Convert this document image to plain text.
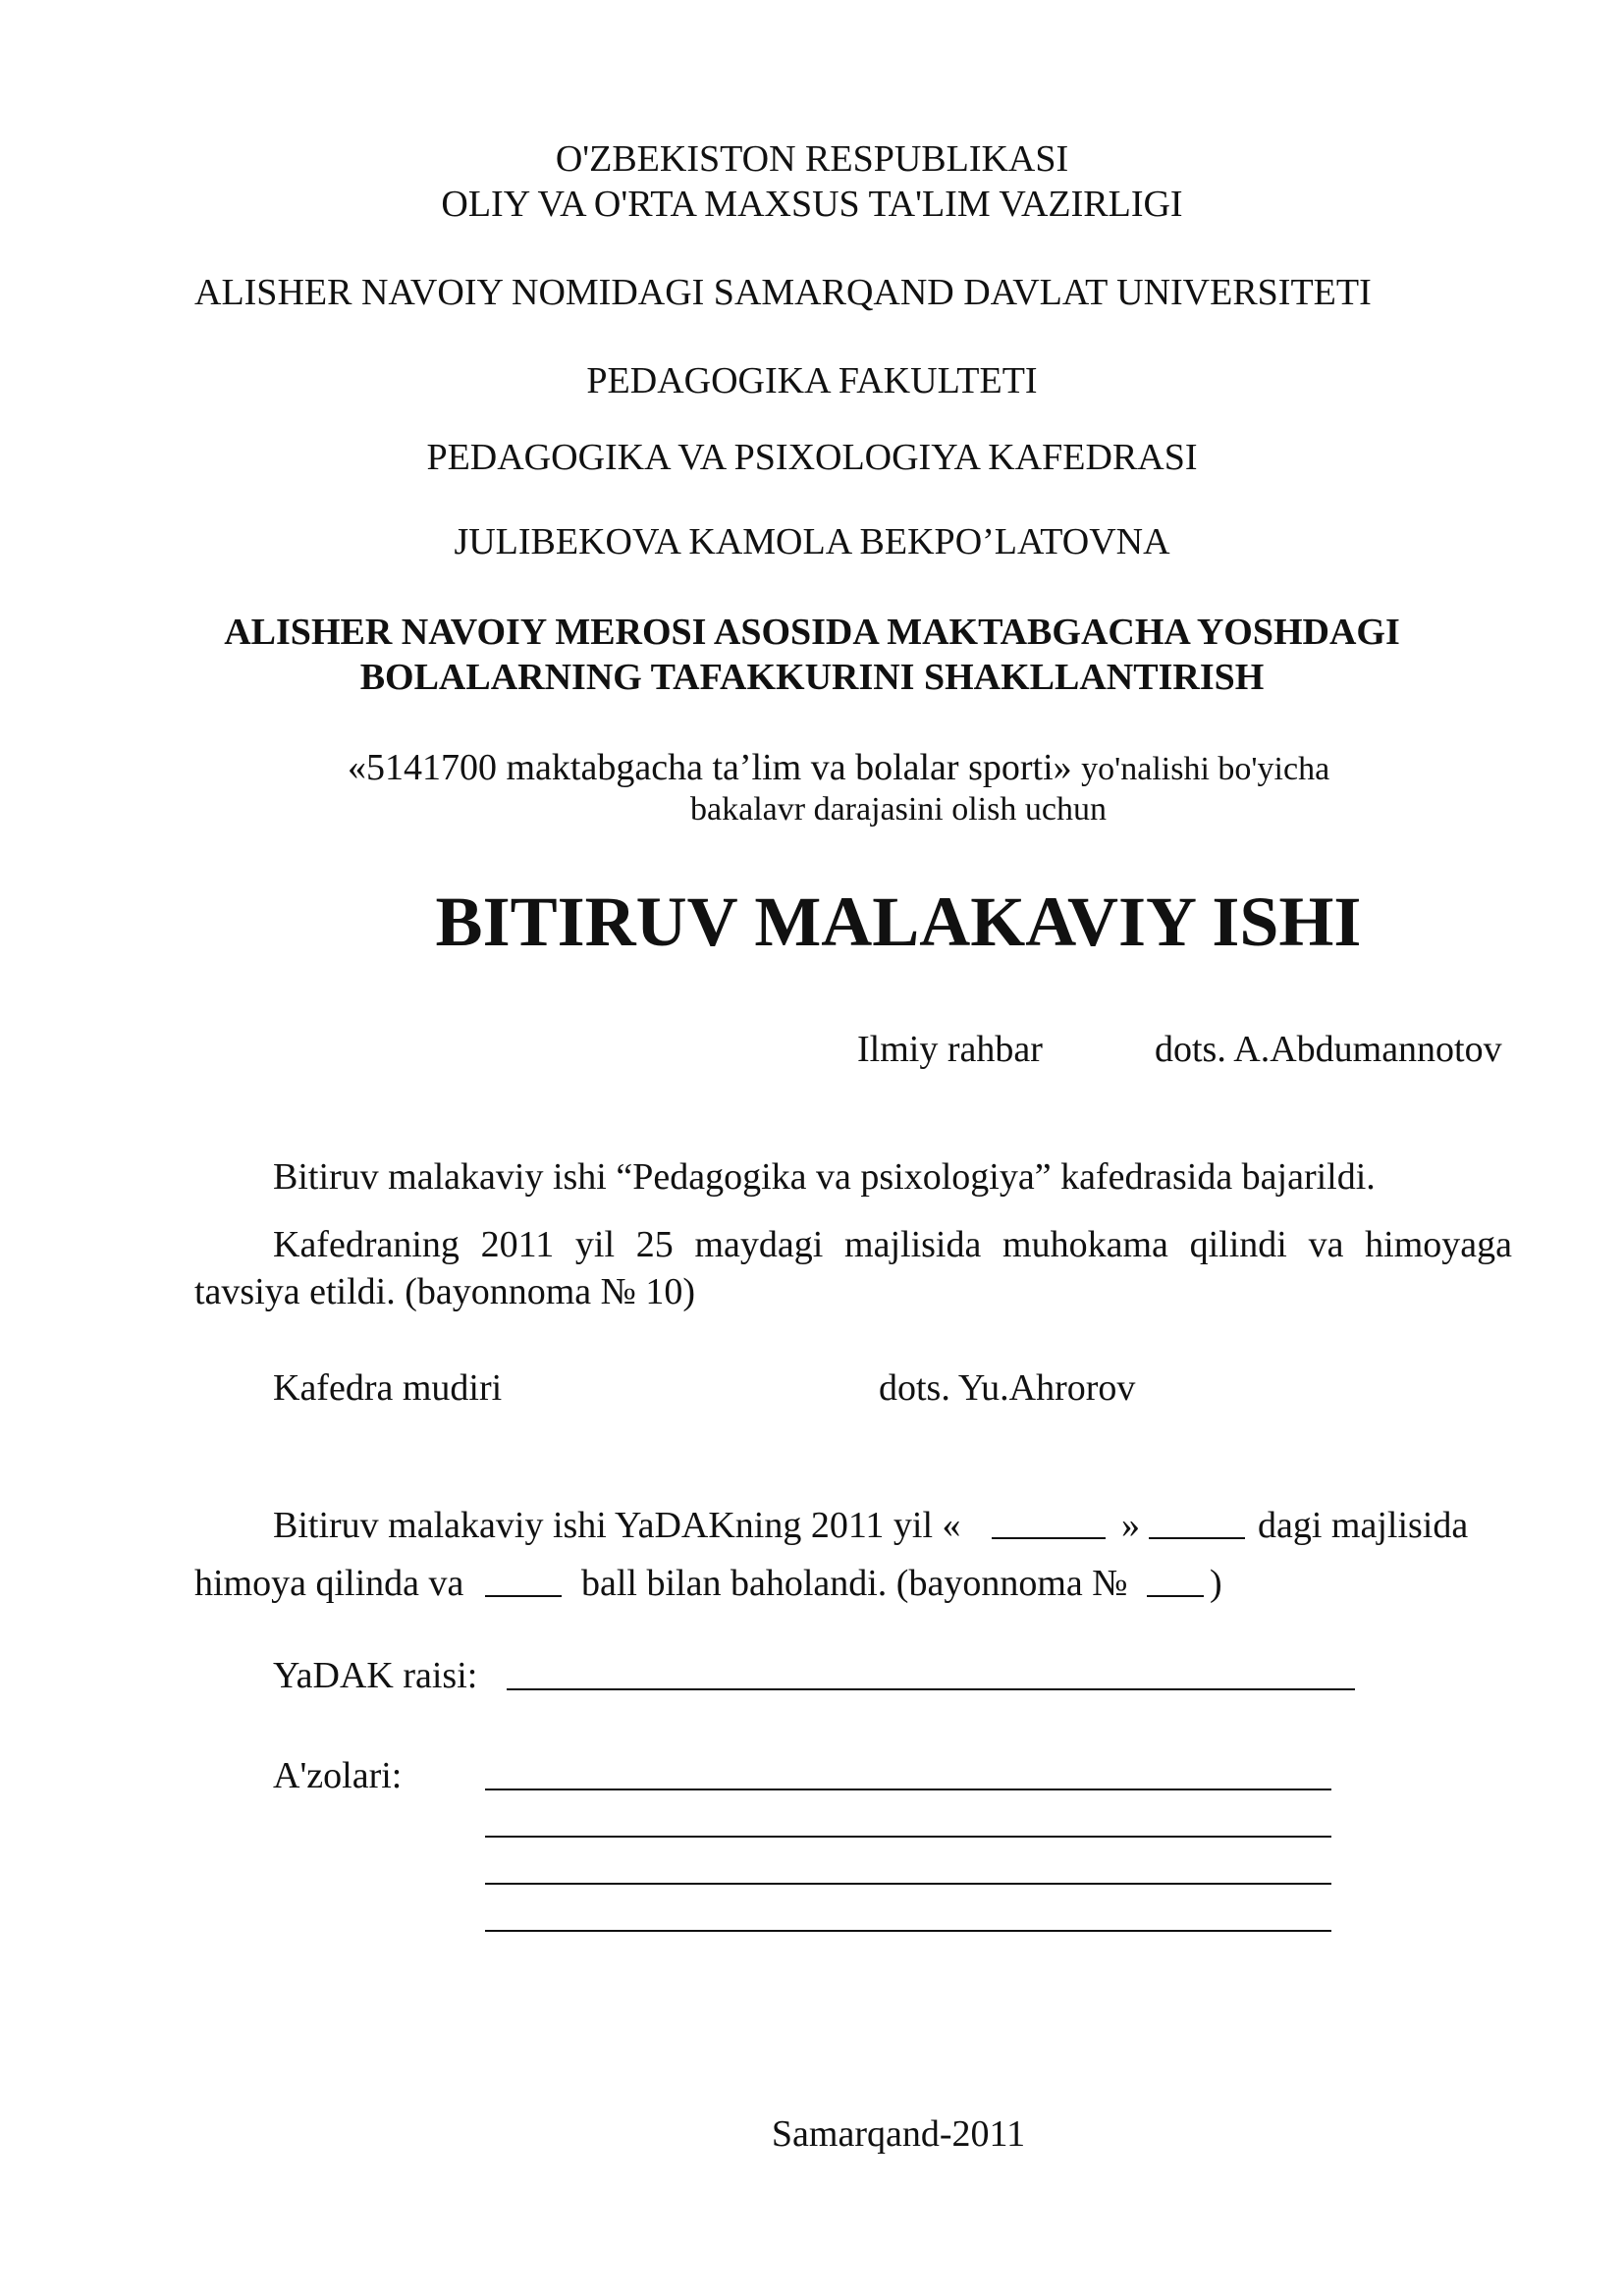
O'ZBEKISTON RESPUBLIKASI
OLIY VA O'RTA MAXSUS TA'LIM VAZIRLIGI
ALISHER NAVOIY NOMIDAGI SAMARQAND DAVLAT UNIVERSITETI
PEDAGOGIKA FAKULTETI
PEDAGOGIKA VA PSIXOLOGIYA KAFEDRASI
JULIBEKOVA KAMOLA BEKPO’LATOVNA
ALISHER NAVOIY MEROSI ASOSIDA MAKTABGACHA YOSHDAGI
BOLALARNING TAFAKKURINI SHAKLLANTIRISH
«5141700 maktabgacha ta’lim va bolalar sporti» yo'nalishi bo'yicha
bakalavr darajasini olish uchun
BITIRUV MALAKAVIY ISHI
Ilmiy rahbar	dots. A.Abdumannotov
Bitiruv malakaviy ishi “Pedagogika va psixologiya” kafedrasida bajarildi.
Kafedraning 2011 yil 25 maydagi majlisida muhokama qilindi va himoyaga
tavsiya etildi. (bayonnoma № 10)
Kafedra mudiri	dots. Yu.Ahrorov
Bitiruv malakaviy ishi YaDAKning 2011 yil «	»	dagi majlisida
himoya qilinda va	ball bilan baholandi. (bayonnoma № )
YaDAK raisi:
A'zolari:
Samarqand-2011
